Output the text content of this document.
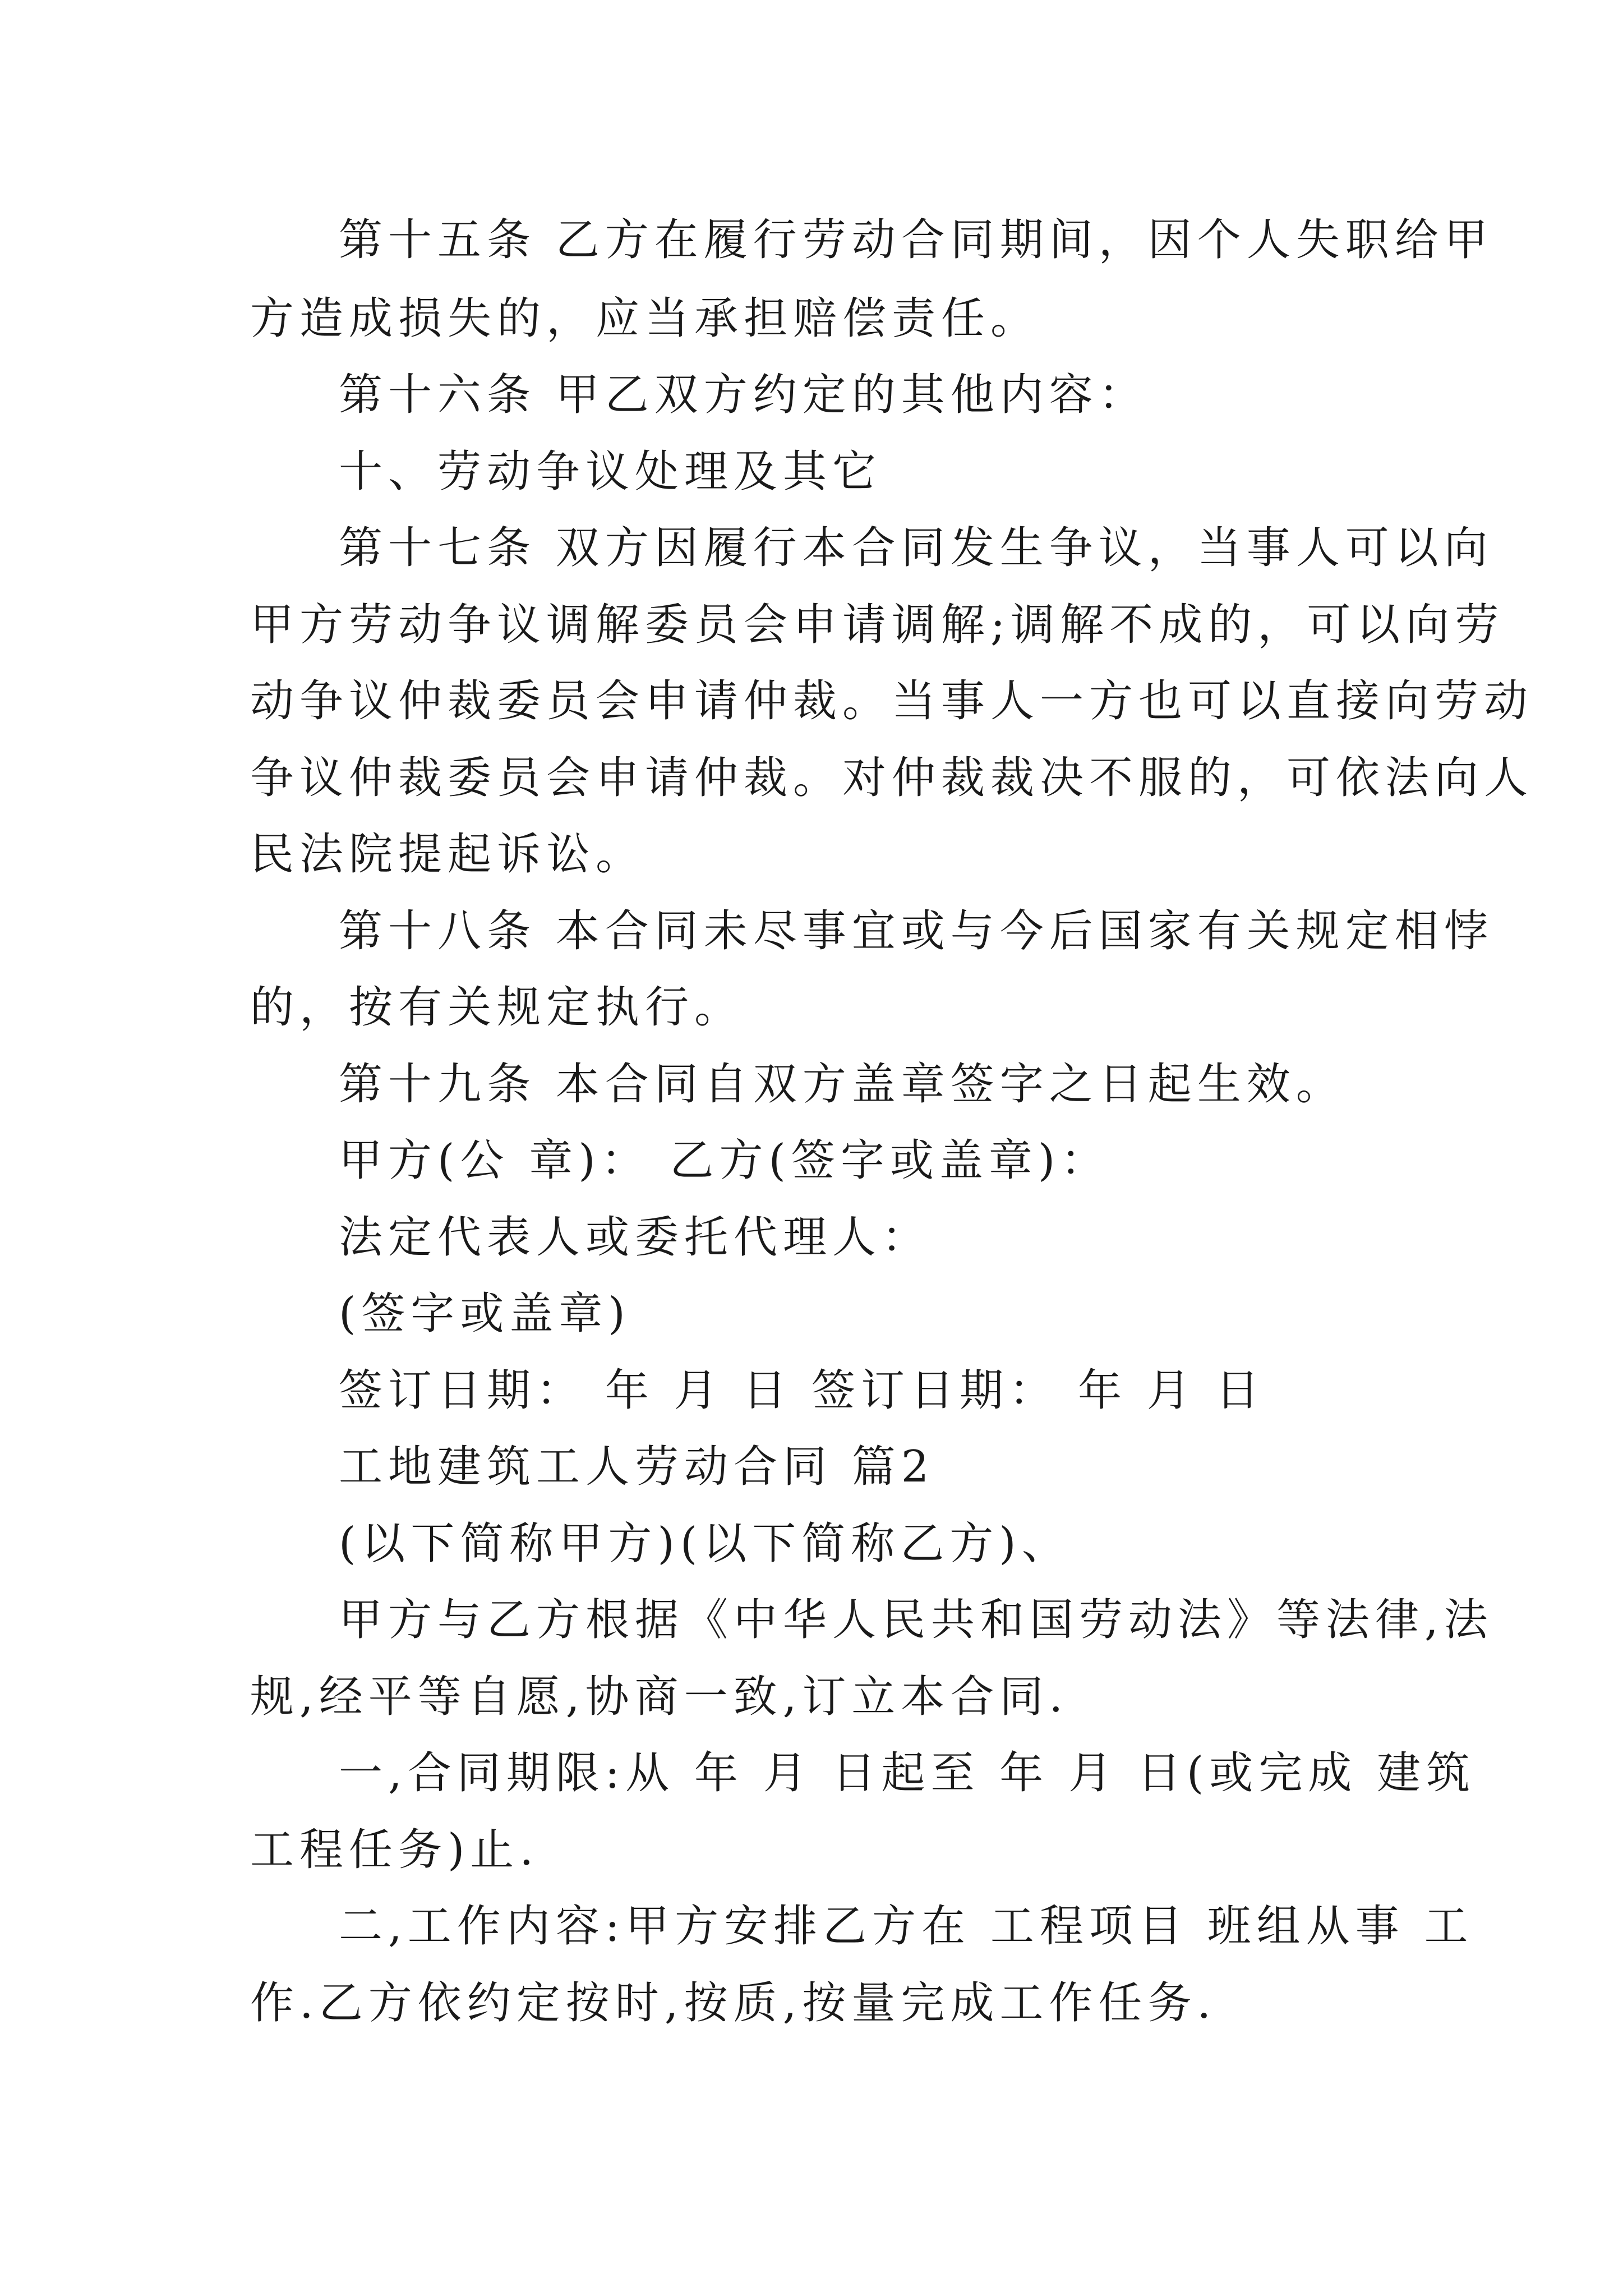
第十五条 乙方在履行劳动合同期间，因个人失职给甲
方造成损失的，应当承担赔偿责任。
第十六条 甲乙双方约定的其他内容：
十、劳动争议处理及其它
第十七条 双方因履行本合同发生争议，当事人可以向
甲方劳动争议调解委员会申请调解;调解不成的，可以向劳
动争议仲裁委员会申请仲裁。当事人一方也可以直接向劳动
争议仲裁委员会申请仲裁。对仲裁裁决不服的，可依法向人
民法院提起诉讼。
第十八条 本合同未尽事宜或与今后国家有关规定相悖
的，按有关规定执行。
第十九条 本合同自双方盖章签字之日起生效。
甲方(公 章)： 乙方(签字或盖章)：
法定代表人或委托代理人：
(签字或盖章)
签订日期： 年 月 日 签订日期： 年 月 日
工地建筑工人劳动合同 篇2
(以下简称甲方)(以下简称乙方)、
甲方与乙方根据《中华人民共和国劳动法》等法律,法
规,经平等自愿,协商一致,订立本合同.
一,合同期限:从 年 月 日起至 年 月 日(或完成 建筑
工程任务)止.
二,工作内容:甲方安排乙方在 工程项目 班组从事 工
作.乙方依约定按时,按质,按量完成工作任务.
